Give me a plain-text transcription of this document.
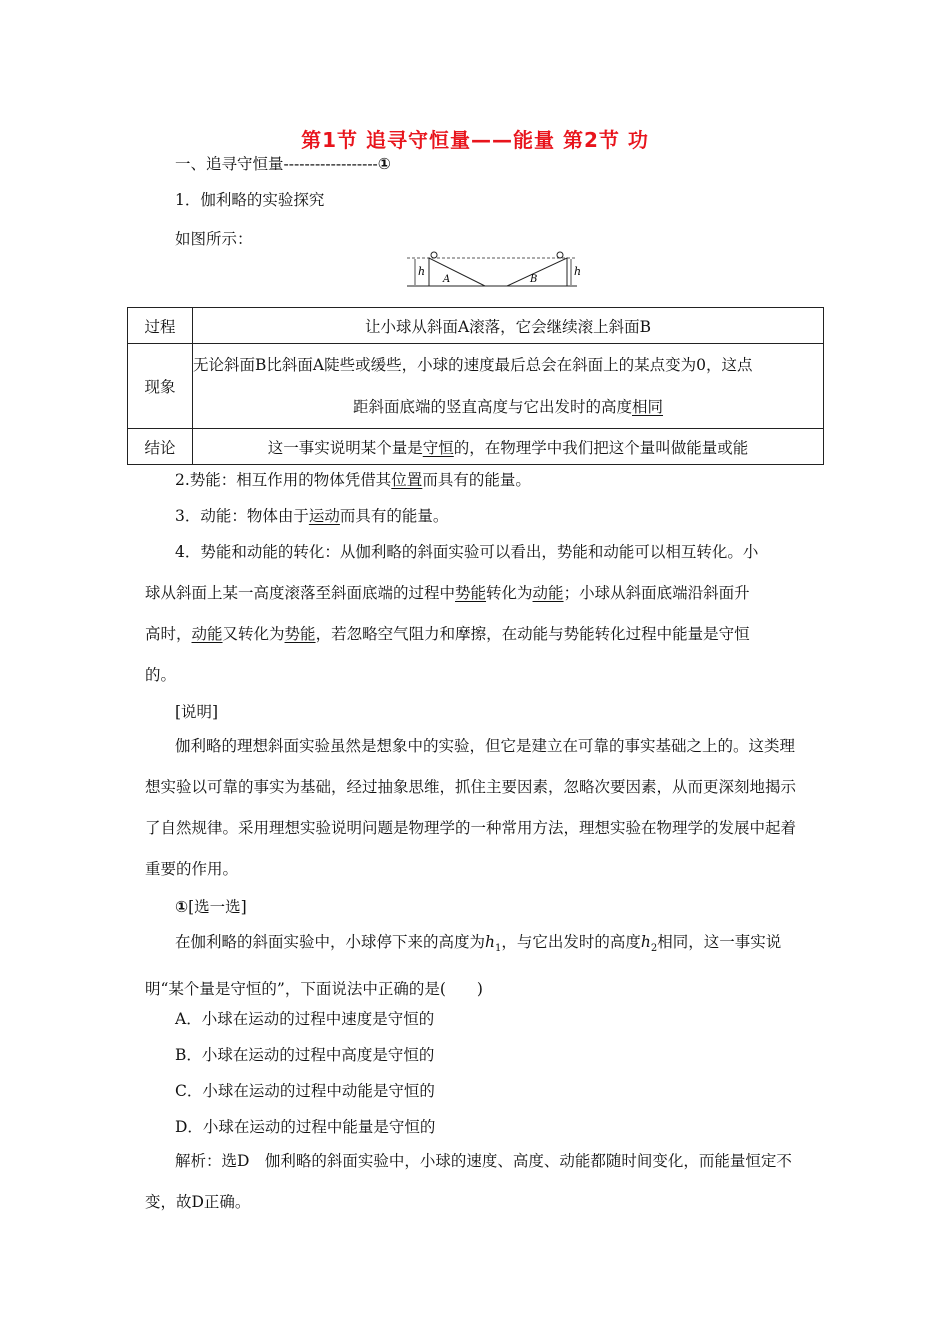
第1节 追寻守恒量——能量 第2节 功
一、追寻守恒量------------------①
1．伽利略的实验探究
如图所示：
h	h
A	B
过程	让小球从斜面A滚落，它会继续滚上斜面B
现象	无论斜面B比斜面A陡些或缓些，小球的速度最后总会在斜面上的某点变为0，这点
距斜面底端的竖直高度与它出发时的高度相同

结论	这一事实说明某个量是守恒的，在物理学中我们把这个量叫做能量或能
2.势能：相互作用的物体凭借其位置而具有的能量。
3．动能：物体由于运动而具有的能量。
4．势能和动能的转化：从伽利略的斜面实验可以看出，势能和动能可以相互转化。小
球从斜面上某一高度滚落至斜面底端的过程中势能转化为动能；小球从斜面底端沿斜面升
高时，动能又转化为势能，若忽略空气阻力和摩擦，在动能与势能转化过程中能量是守恒
的。
[说明]
伽利略的理想斜面实验虽然是想象中的实验，但它是建立在可靠的事实基础之上的。这类理想实验以可靠的事实为基础，经过抽象思维，抓住主要因素，忽略次要因素，从而更深刻地揭示了自然规律。采用理想实验说明问题是物理学的一种常用方法，理想实验在物理学的发展中起着重要的作用。
①[选一选]
在伽利略的斜面实验中，小球停下来的高度为$h_1$，与它出发时的高度$h_2$相同，这一事实说明“某个量是守恒的”，下面说法中正确的是(　　)
A．小球在运动的过程中速度是守恒的
B．小球在运动的过程中高度是守恒的
C．小球在运动的过程中动能是守恒的
D．小球在运动的过程中能量是守恒的
解析：选D　伽利略的斜面实验中，小球的速度、高度、动能都随时间变化，而能量恒定不变，故D正确。
